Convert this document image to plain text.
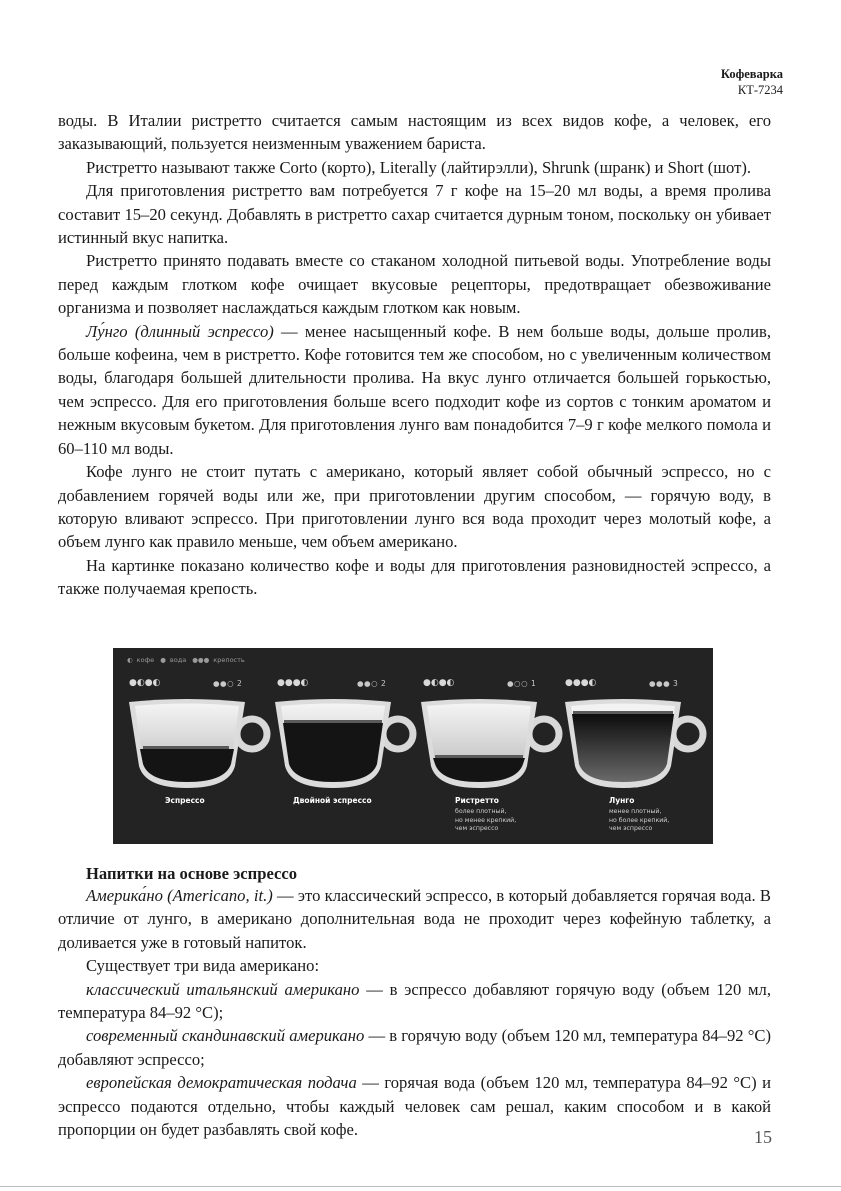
Кофеварка
КТ-7234

воды. В Италии ристретто считается самым настоящим из всех видов кофе, а человек, его заказывающий, пользуется неизменным уважением бариста.

Ристретто называют также Corto (корто), Literally (лайтирэлли), Shrunk (шранк) и Short (шот).

Для приготовления ристретто вам потребуется 7 г кофе на 15–20 мл воды, а время пролива составит 15–20 секунд. Добавлять в ристретто сахар считается дурным тоном, поскольку он убивает истинный вкус напитка.

Ристретто принято подавать вместе со стаканом холодной питьевой воды. Употребление воды перед каждым глотком кофе очищает вкусовые рецепторы, предотвращает обезвоживание организма и позволяет наслаждаться каждым глотком как новым.

Лу́нго (длинный эспрессо) — менее насыщенный кофе. В нем больше воды, дольше пролив, больше кофеина, чем в ристретто. Кофе готовится тем же способом, но с увеличенным количеством воды, благодаря большей длительности пролива. На вкус лунго отличается большей горькостью, чем эспрессо. Для его приготовления больше всего подходит кофе из сортов с тонким ароматом и нежным вкусовым букетом. Для приготовления лунго вам понадобится 7–9 г кофе мелкого помола и 60–110 мл воды.

Кофе лунго не стоит путать с американо, который являет собой обычный эспрессо, но с добавлением горячей воды или же, при приготовлении другим способом, — горячую воду, в которую вливают эспрессо. При приготовлении лунго вся вода проходит через молотый кофе, а объем лунго как правило меньше, чем объем американо.

На картинке показано количество кофе и воды для приготовления разновидностей эспрессо, а также получаемая крепость.

◐ кофе ● вода ●●● крепость
●◐●◐	●●○ 2
Эспрессо
●●●◐	●●○ 2
Двойной эспрессо
●◐●◐	●○○ 1
Ристретто
более плотный,
но менее крепкий,
чем эспрессо
●●●◐	●●● 3
Лунго
менее плотный,
но более крепкий,
чем эспрессо
Напитки на основе эспрессо

Америка́но (Americano, it.) — это классический эспрессо, в который добавляется горячая вода. В отличие от лунго, в американо дополнительная вода не проходит через кофейную таблетку, а доливается уже в готовый напиток.

Существует три вида американо:

классический итальянский американо — в эспрессо добавляют горячую воду (объем 120 мл, температура 84–92 °C);

современный скандинавский американо — в горячую воду (объем 120 мл, температура 84–92 °C) добавляют эспрессо;

европейская демократическая подача — горячая вода (объем 120 мл, температура 84–92 °C) и эспрессо подаются отдельно, чтобы каждый человек сам решал, каким способом и в какой пропорции он будет разбавлять свой кофе.	15
